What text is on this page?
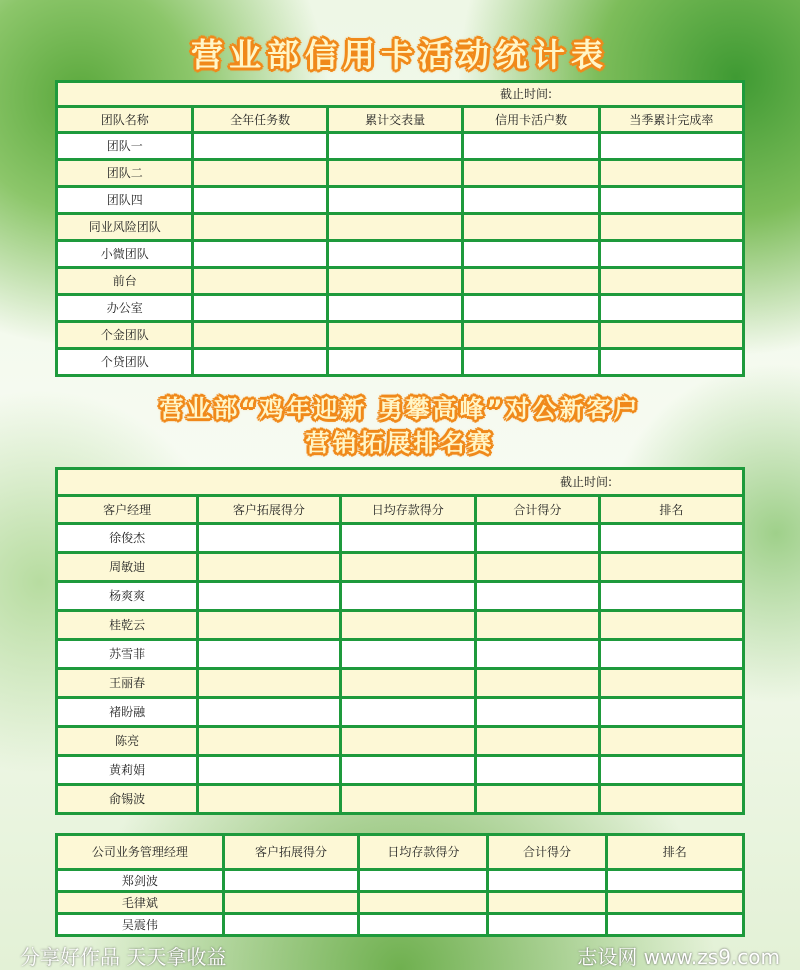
营业部信用卡活动统计表
截止时间:				
团队名称	全年任务数	累计交表量	信用卡活户数	当季累计完成率
团队一				
团队二				
团队四				
同业风险团队				
小微团队				
前台				
办公室				
个金团队				
个贷团队				
营业部“鸡年迎新 勇攀高峰”对公新客户
营销拓展排名赛
截止时间:				
客户经理	客户拓展得分	日均存款得分	合计得分	排名
徐俊杰				
周敏迪				
杨爽爽				
桂乾云				
苏雪菲				
王丽春				
褚盼融				
陈亮				
黄莉娟				
俞锡波				
公司业务管理经理	客户拓展得分	日均存款得分	合计得分	排名
郑剑波				
毛律斌				
吴震伟				
分享好作品 天天拿收益	志设网 www.zs9.com
